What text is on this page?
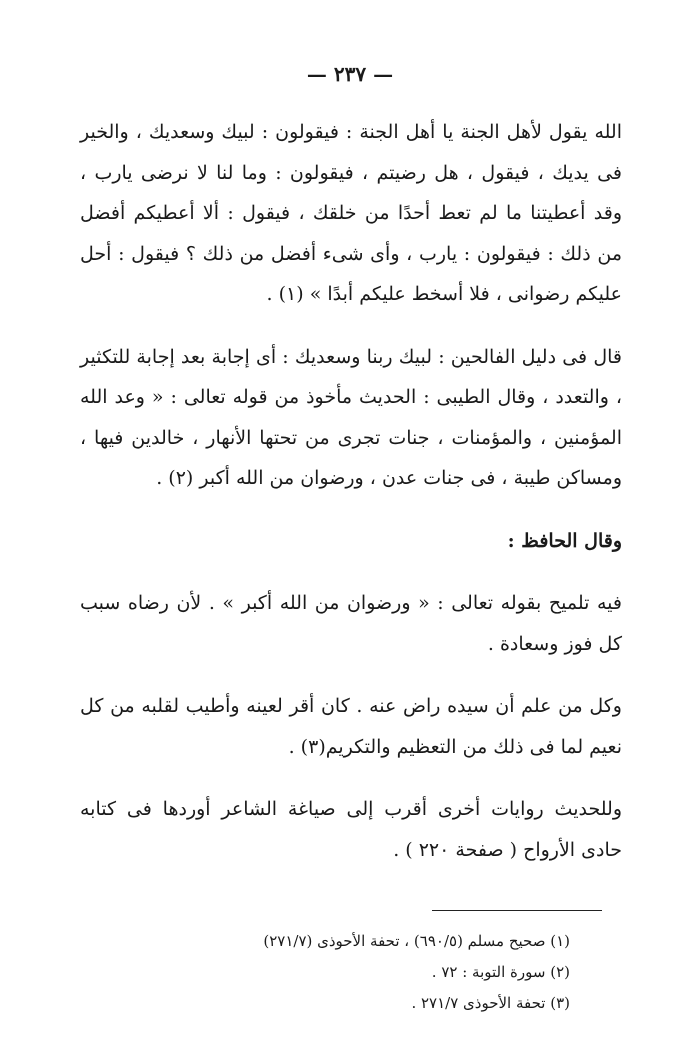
— ٢٣٧ —

الله يقول لأهل الجنة يا أهل الجنة : فيقولون : لبيك وسعديك ، والخير فى يديك ، فيقول ، هل رضيتم ، فيقولون : وما لنا لا نرضى يارب ، وقد أعطيتنا ما لم تعط أحدًا من خلقك ، فيقول : ألا أعطيكم أفضل من ذلك : فيقولون : يارب ، وأى شىء أفضل من ذلك ؟ فيقول : أحل عليكم رضوانى ، فلا أسخط عليكم أبدًا » (١) .

قال فى دليل الفالحين : لبيك ربنا وسعديك : أى إجابة بعد إجابة للتكثير ، والتعدد ، وقال الطيبى : الحديث مأخوذ من قوله تعالى : « وعد الله المؤمنين ، والمؤمنات ، جنات تجرى من تحتها الأنهار ، خالدين فيها ، ومساكن طيبة ، فى جنات عدن ، ورضوان من الله أكبر (٢) .

وقال الحافظ :

فيه تلميح بقوله تعالى : « ورضوان من الله أكبر » . لأن رضاه سبب كل فوز وسعادة .

وكل من علم أن سيده راض عنه . كان أقر لعينه وأطيب لقلبه من كل نعيم لما فى ذلك من التعظيم والتكريم(٣) .

وللحديث روايات أخرى أقرب إلى صياغة الشاعر أوردها فى كتابه حادى الأرواح ( صفحة ٢٢٠ ) .

(١) صحيح مسلم (٦٩٠/٥) ، تحفة الأحوذى (٢٧١/٧)

(٢) سورة التوبة : ٧٢ .

(٣) تحفة الأحوذى ٢٧١/٧ .
